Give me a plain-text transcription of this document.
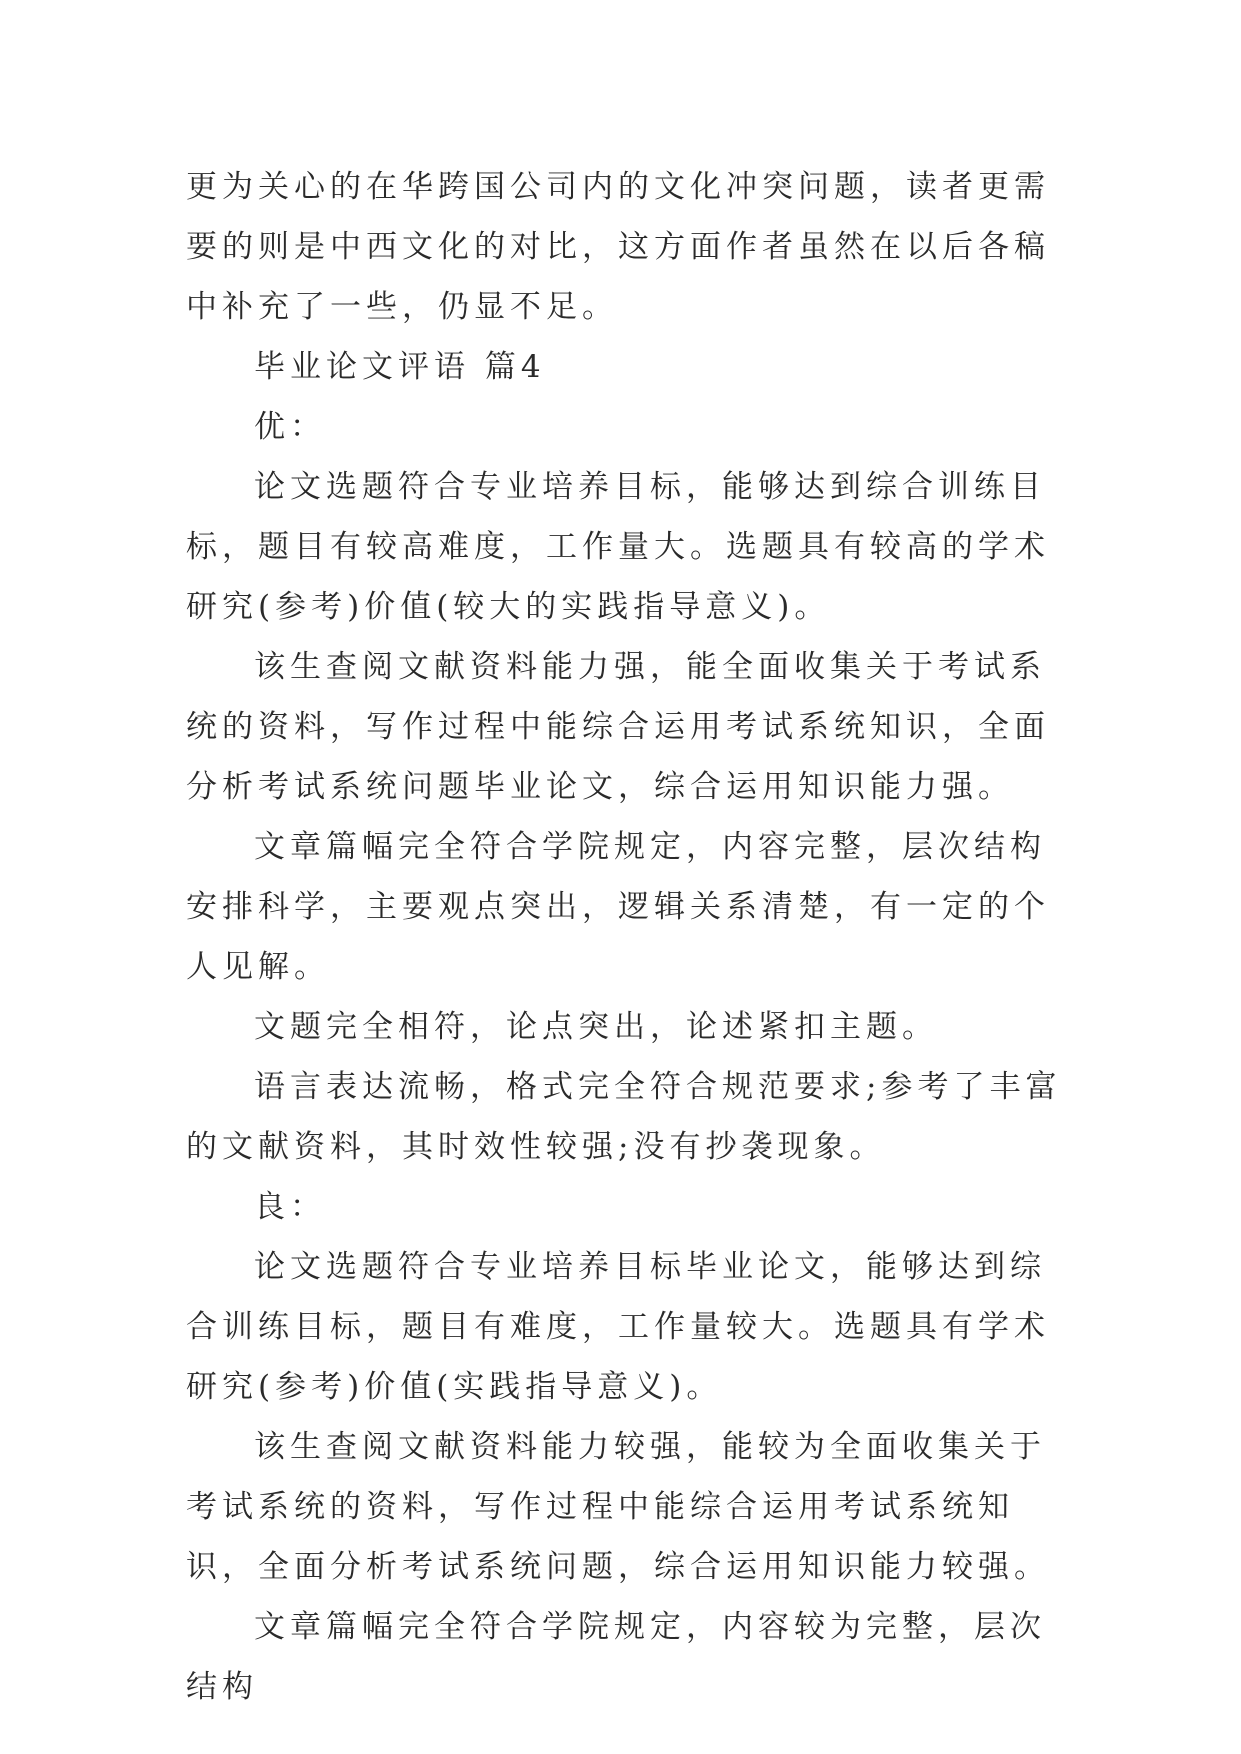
更为关心的在华跨国公司内的文化冲突问题，读者更需要的则是中西文化的对比，这方面作者虽然在以后各稿中补充了一些，仍显不足。

毕业论文评语 篇4

优：

论文选题符合专业培养目标，能够达到综合训练目标，题目有较高难度，工作量大。选题具有较高的学术研究(参考)价值(较大的实践指导意义)。

该生查阅文献资料能力强，能全面收集关于考试系统的资料，写作过程中能综合运用考试系统知识，全面分析考试系统问题毕业论文，综合运用知识能力强。

文章篇幅完全符合学院规定，内容完整，层次结构安排科学，主要观点突出，逻辑关系清楚，有一定的个人见解。

文题完全相符，论点突出，论述紧扣主题。

语言表达流畅，格式完全符合规范要求;参考了丰富的文献资料，其时效性较强;没有抄袭现象。

良：

论文选题符合专业培养目标毕业论文，能够达到综合训练目标，题目有难度，工作量较大。选题具有学术研究(参考)价值(实践指导意义)。

该生查阅文献资料能力较强，能较为全面收集关于考试系统的资料，写作过程中能综合运用考试系统知识，全面分析考试系统问题，综合运用知识能力较强。

文章篇幅完全符合学院规定，内容较为完整，层次结构
